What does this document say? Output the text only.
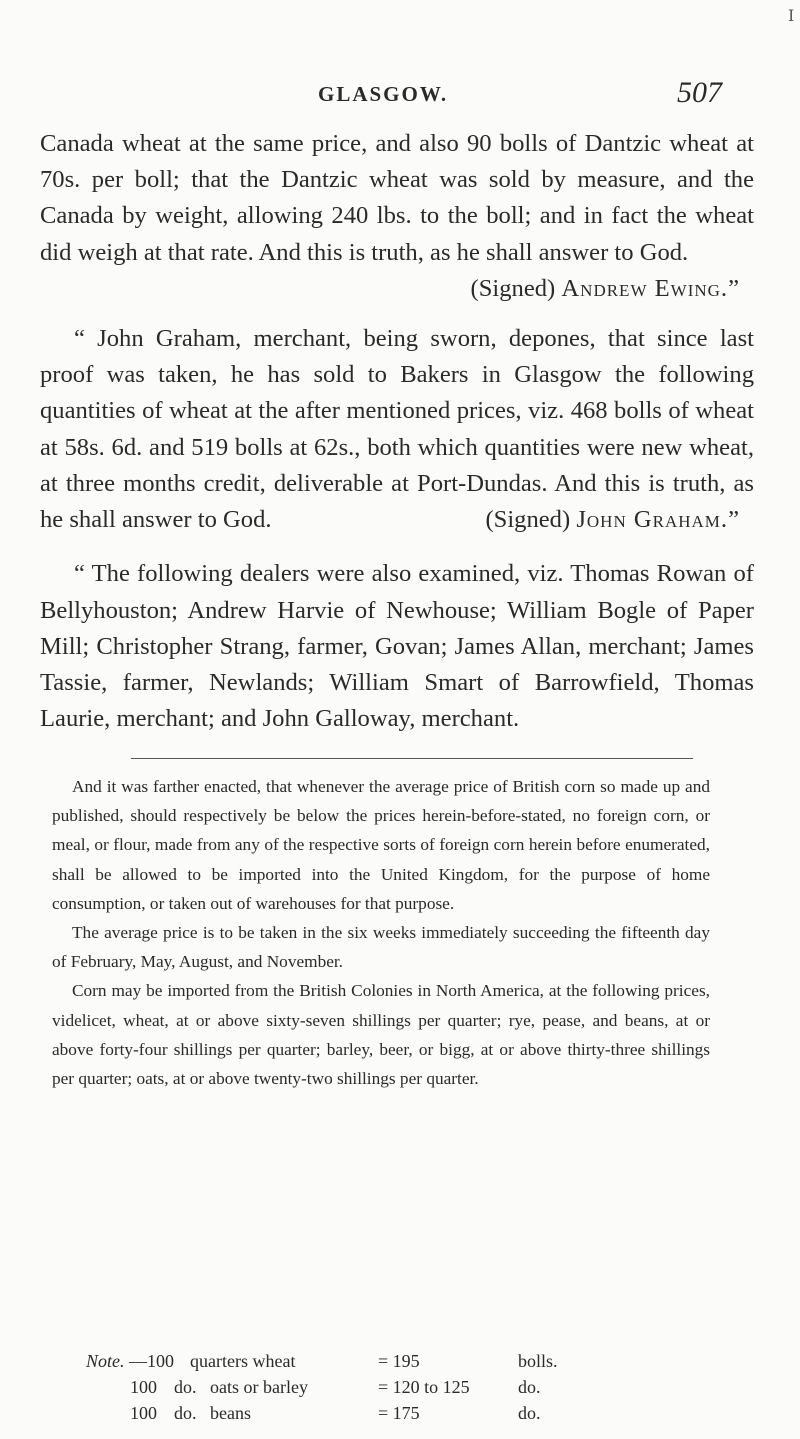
I
GLASGOW.	507

Canada wheat at the same price, and also 90 bolls of Dantzic wheat at 70s. per boll; that the Dantzic wheat was sold by measure, and the Canada by weight, allowing 240 lbs. to the boll; and in fact the wheat did weigh at that rate. And this is truth, as he shall answer to God.

(Signed) Andrew Ewing.”

“ John Graham, merchant, being sworn, depones, that since last proof was taken, he has sold to Bakers in Glasgow the following quantities of wheat at the after mentioned prices, viz. 468 bolls of wheat at 58s. 6d. and 519 bolls at 62s., both which quantities were new wheat, at three months credit, deliverable at Port-Dundas. And this is truth, as he shall answer to God.	(Signed) John Graham.”

“ The following dealers were also examined, viz. Thomas Rowan of Bellyhouston; Andrew Harvie of Newhouse; William Bogle of Paper Mill; Christopher Strang, farmer, Govan; James Allan, merchant; James Tassie, farmer, Newlands; William Smart of Barrowfield, Thomas Laurie, merchant; and John Galloway, merchant.

And it was farther enacted, that whenever the average price of British corn so made up and published, should respectively be below the prices herein-before-stated, no foreign corn, or meal, or flour, made from any of the respective sorts of foreign corn herein before enumerated, shall be allowed to be imported into the United Kingdom, for the purpose of home consumption, or taken out of warehouses for that purpose.

The average price is to be taken in the six weeks immediately succeeding the fifteenth day of February, May, August, and November.

Corn may be imported from the British Colonies in North America, at the following prices, videlicet, wheat, at or above sixty-seven shillings per quarter; rye, pease, and beans, at or above forty-four shillings per quarter; barley, beer, or bigg, at or above thirty-three shillings per quarter; oats, at or above twenty-two shillings per quarter.

Note. —100 quarters wheat	= 195	bolls.
100 do.   oats or barley	= 120 to 125	do.
100 do.   beans	= 175	do.
